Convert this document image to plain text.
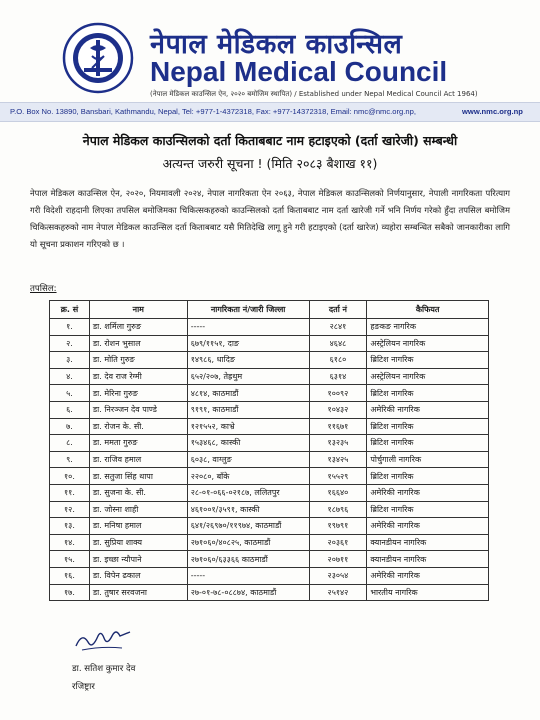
नेपाल मेडिकल काउन्सिल
Nepal Medical Council
(नेपाल मेडिकल काउन्सिल ऐन, २०२० बमोजिम स्थापित) / Established under Nepal Medical Council Act 1964)
P.O. Box No. 13890, Bansbari, Kathmandu, Nepal, Tel: +977-1-4372318, Fax: +977-14372318, Email: nmc@nmc.org.np,	www.nmc.org.np
नेपाल मेडिकल काउन्सिलको दर्ता किताबबाट नाम हटाइएको (दर्ता खारेजी) सम्बन्धी
अत्यन्त जरुरी सूचना ! (मिति २०८३ बैशाख ११)
नेपाल मेडिकल काउन्सिल ऐन, २०२०, नियमावली २०२४, नेपाल नागरिकता ऐन २०६३, नेपाल मेडिकल काउन्सिलको निर्णयानुसार, नेपाली नागरिकता परित्याग गरी विदेशी राहदानी लिएका तपसिल बमोजिमका चिकित्सकहरुको काउन्सिलको दर्ता किताबबाट नाम दर्ता खारेजी गर्ने भनि निर्णय गरेको हुँदा तपसिल बमोजिम चिकित्सकहरुको नाम नेपाल मेडिकल काउन्सिल दर्ता किताबबाट यसै मितिदेखि लागू हुने गरी हटाइएको (दर्ता खारेज) व्यहोरा सम्बन्धित सबैको जानकारीका लागि यो सूचना प्रकाशन गरिएको छ ।
तपसिल:
क्र. सं	नाम	नागरिकता नं/जारी जिल्ला	दर्ता नं	कैफियत
१.	डा. शर्मिला गुरुङ	-----	२८४१	हङकङ नागरिक
२.	डा. रोशन भुसाल	६७९/११५१, दाङ	४६४८	अस्ट्रेलियन नागरिक
३.	डा. मोति गुरुङ	१४९८६, धादिङ	६१८०	ब्रिटिश नागरिक
४.	डा. देव राज रेग्मी	६५२/२०७, तेह्रथुम	६३१४	अस्ट्रेलियन नागरिक
५.	डा. मेरिना गुरुङ	४८१४, काठमाडौं	१००९२	ब्रिटिश नागरिक
६.	डा. निरञ्जन देव पाण्डे	९१९१, काठमाडौं	१०४३२	अमेरिकी नागरिक
७.	डा. रोजन के. सी.	१२१५५२, काभ्रे	११६७१	ब्रिटिश नागरिक
८.	डा. ममता गुरुङ	१५३४६८, कास्की	१३२३५	ब्रिटिश नागरिक
९.	डा. राजिव हमाल	६०३८, वाग्लुङ	१३४२५	पोर्चुगाली नागरिक
१०.	डा. सतुजा सिंह थापा	२२०८०, बाँके	१५५२९	ब्रिटिश नागरिक
११.	डा. सुजना के. सी.	२८-०१-०६६-०२१८७, ललितपुर	१६६४०	अमेरिकी नागरिक
१२.	डा. जोस्ना शाही	४६१००१/३५९१, कास्की	१८७९६	ब्रिटिश नागरिक
१३.	डा. मनिषा हमाल	६४१/२६९७०/११९७४, काठमाडौं	१९७९१	अमेरिकी नागरिक
१४.	डा. सुप्रिया शाक्य	२७१०६०/४०८२५, काठमाडौं	२०३६१	क्यानडीयन नागरिक
१५.	डा. इच्छा न्यौपाने	२७१०६०/६३३६६ काठमाडौं	२०७११	क्यानडीयन नागरिक
१६.	डा. विपेन ढकाल	-----	२३०५४	अमेरिकी नागरिक
१७.	डा. तुषार सरवजना	२७-०१-७८-०८८७४, काठमाडौं	२५१४२	भारतीय नागरिक
डा. सतिश कुमार देव
रजिष्ट्रार
